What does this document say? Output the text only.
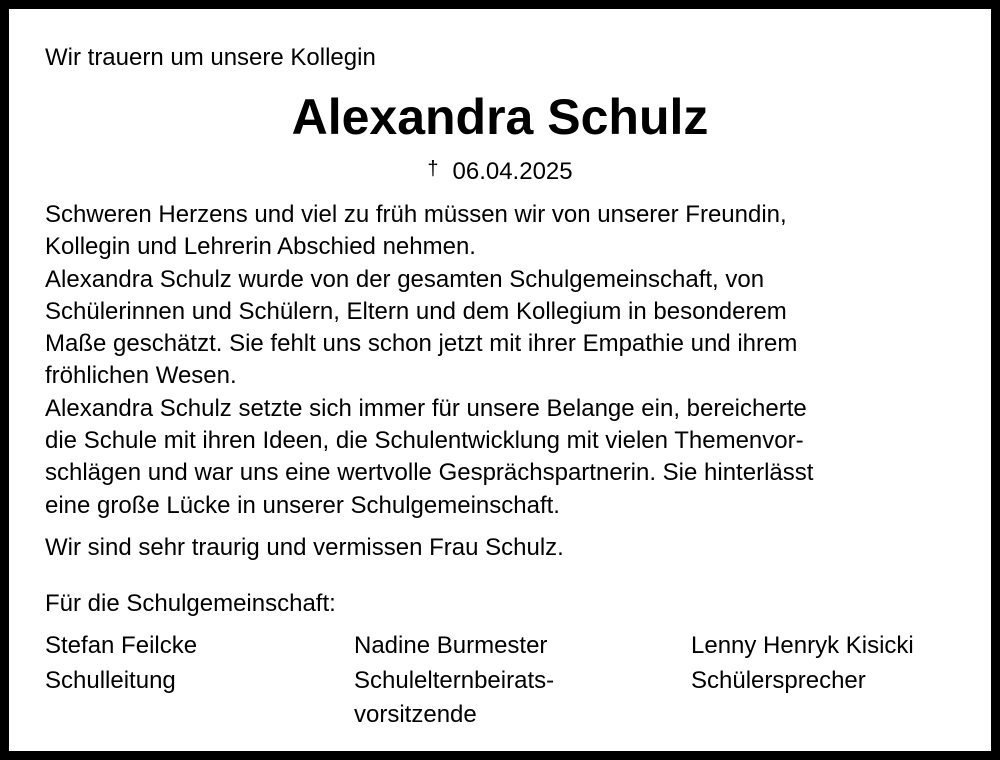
Wir trauern um unsere Kollegin

Alexandra Schulz

† 06.04.2025

Schweren Herzens und viel zu früh müssen wir von unserer Freundin,

Kollegin und Lehrerin Abschied nehmen.

Alexandra Schulz wurde von der gesamten Schulgemeinschaft, von

Schülerinnen und Schülern, Eltern und dem Kollegium in besonderem

Maße geschätzt. Sie fehlt uns schon jetzt mit ihrer Empathie und ihrem

fröhlichen Wesen.

Alexandra Schulz setzte sich immer für unsere Belange ein, bereicherte

die Schule mit ihren Ideen, die Schulentwicklung mit vielen Themenvor-

schlägen und war uns eine wertvolle Gesprächspartnerin. Sie hinterlässt

eine große Lücke in unserer Schulgemeinschaft.

Wir sind sehr traurig und vermissen Frau Schulz.

Für die Schulgemeinschaft:

Stefan Feilcke
Schulleitung
Nadine Burmester
Schulelternbeirats-
vorsitzende
Lenny Henryk Kisicki
Schülersprecher
